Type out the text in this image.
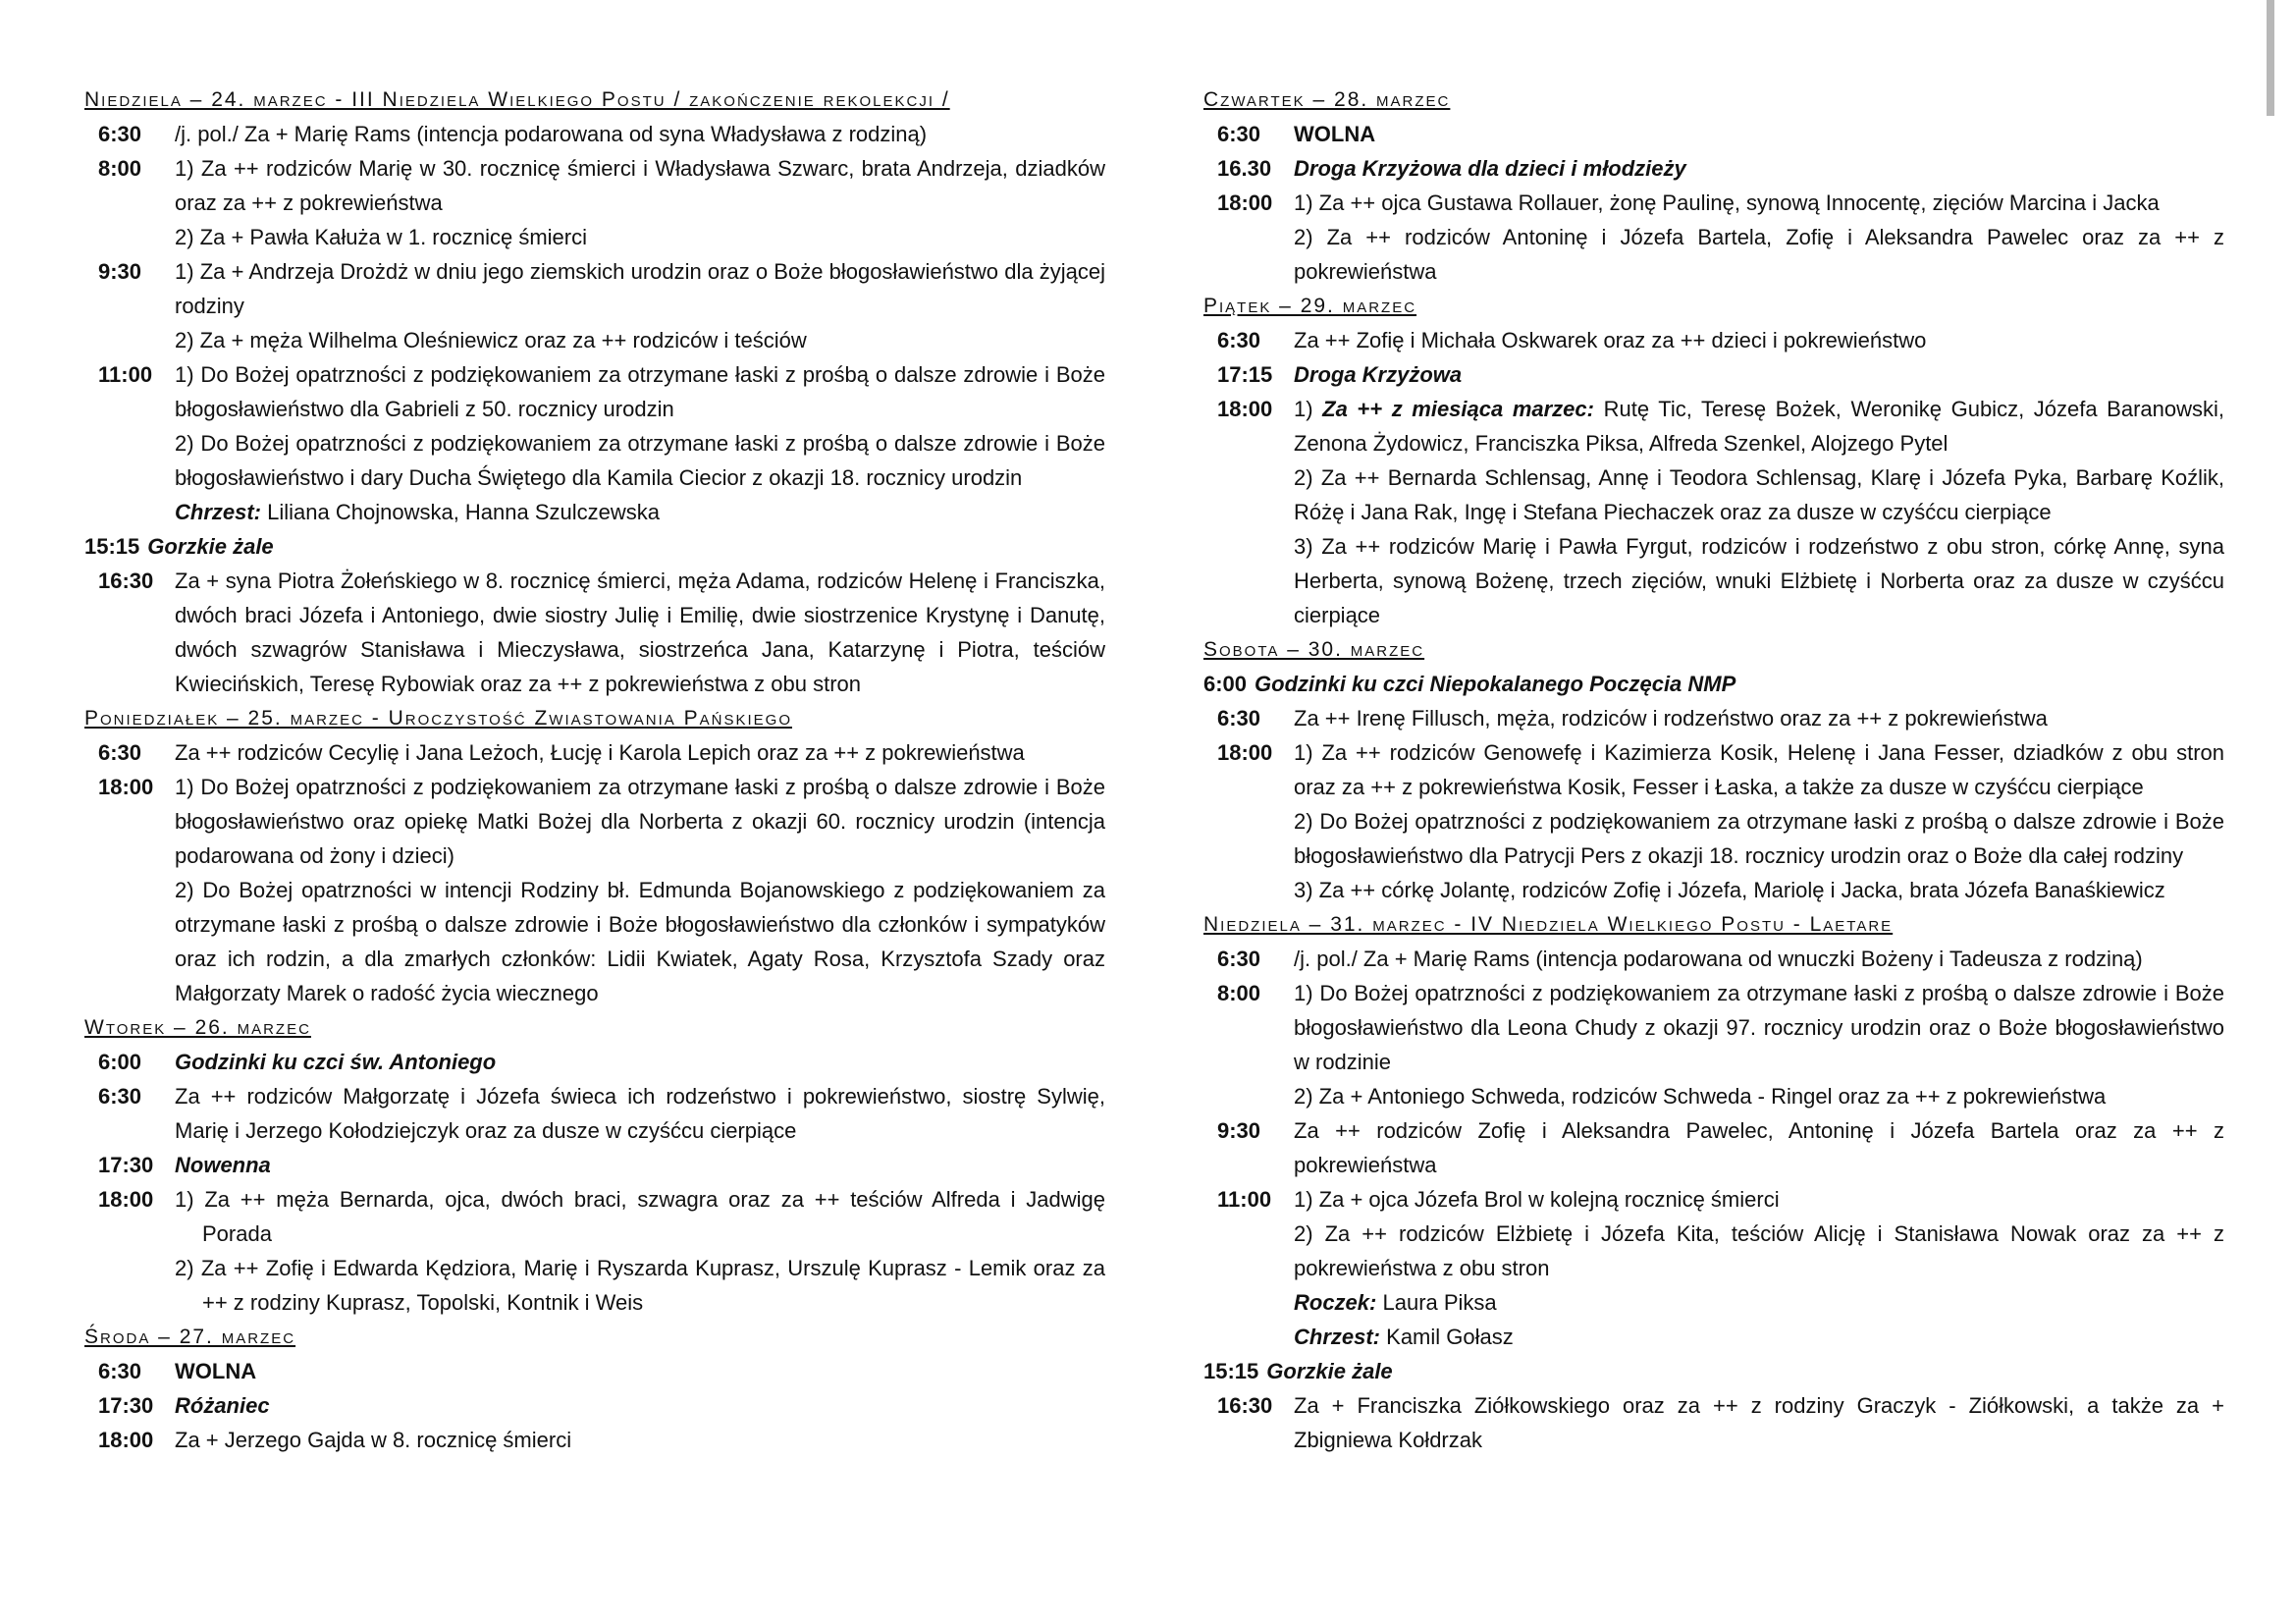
Niedziela – 24. marzec - III Niedziela Wielkiego Postu / zakończenie rekolekcji /
6:30	/j. pol./ Za + Marię Rams (intencja podarowana od syna Władysława z rodziną)
8:00	1) Za ++ rodziców Marię w 30. rocznicę śmierci i Władysława Szwarc, brata Andrzeja, dziadków oraz za ++ z pokrewieństwa
2) Za + Pawła Kałuża w 1. rocznicę śmierci
9:30	1) Za + Andrzeja Drożdż w dniu jego ziemskich urodzin oraz o Boże błogosławieństwo dla żyjącej rodziny
2) Za + męża Wilhelma Oleśniewicz oraz za ++ rodziców i teściów
11:00	1) Do Bożej opatrzności z podziękowaniem za otrzymane łaski z prośbą o dalsze zdrowie i Boże błogosławieństwo dla Gabrieli z 50. rocznicy urodzin
2) Do Bożej opatrzności z podziękowaniem za otrzymane łaski z prośbą o dalsze zdrowie i Boże błogosławieństwo i dary Ducha Świętego dla Kamila Ciecior z okazji 18. rocznicy urodzin
Chrzest: Liliana Chojnowska, Hanna Szulczewska
15:15 Gorzkie żale
16:30 Za + syna Piotra Żołeńskiego w 8. rocznicę śmierci, męża Adama, rodziców Helenę i Franciszka, dwóch braci Józefa i Antoniego, dwie siostry Julię i Emilię, dwie siostrzenice Krystynę i Danutę, dwóch szwagrów Stanisława i Mieczysława, siostrzeńca Jana, Katarzynę i Piotra, teściów Kwiecińskich, Teresę Rybowiak oraz za ++ z pokrewieństwa z obu stron
Poniedziałek – 25. marzec - Uroczystość Zwiastowania Pańskiego
6:30	Za ++ rodziców Cecylię i Jana Leżoch, Łucję i Karola Lepich oraz za ++ z pokrewieństwa
18:00 1) Do Bożej opatrzności z podziękowaniem za otrzymane łaski z prośbą o dalsze zdrowie i Boże błogosławieństwo oraz opiekę Matki Bożej dla Norberta z okazji 60. rocznicy urodzin (intencja podarowana od żony i dzieci)
2) Do Bożej opatrzności w intencji Rodziny bł. Edmunda Bojanowskiego z podziękowaniem za otrzymane łaski z prośbą o dalsze zdrowie i Boże błogosławieństwo dla członków i sympatyków oraz ich rodzin, a dla zmarłych członków: Lidii Kwiatek, Agaty Rosa, Krzysztofa Szady oraz Małgorzaty Marek o radość życia wiecznego
Wtorek – 26. marzec
6:00	Godzinki ku czci św. Antoniego
6:30	Za ++ rodziców Małgorzatę i Józefa świeca ich rodzeństwo i pokrewieństwo, siostrę Sylwię, Marię i Jerzego Kołodziejczyk oraz za dusze w czyśćcu cierpiące
17:30 Nowenna
18:00 1) Za ++ męża Bernarda, ojca, dwóch braci, szwagra oraz za ++ teściów Alfreda i Jadwigę Porada
2) Za ++ Zofię i Edwarda Kędziora, Marię i Ryszarda Kuprasz, Urszulę Kuprasz - Lemik oraz za ++ z rodziny Kuprasz, Topolski, Kontnik i Weis
Środa – 27. marzec
6:30	WOLNA
17:30 Różaniec
18:00 Za + Jerzego Gajda w 8. rocznicę śmierci
Czwartek – 28. marzec
6:30	WOLNA
16.30	Droga Krzyżowa dla dzieci i młodzieży
18:00 1) Za ++ ojca Gustawa Rollauer, żonę Paulinę, synową Innocentę, zięciów Marcina i Jacka
2) Za ++ rodziców Antoninę i Józefa Bartela, Zofię i Aleksandra Pawelec oraz za ++ z pokrewieństwa
Piątek – 29. marzec
6:30	Za ++ Zofię i Michała Oskwarek oraz za ++ dzieci i pokrewieństwo
17:15 Droga Krzyżowa
18:00 1) Za ++ z miesiąca marzec: Rutę Tic, Teresę Bożek, Weronikę Gubicz, Józefa Baranowski, Zenona Żydowicz, Franciszka Piksa, Alfreda Szenkel, Alojzego Pytel
2) Za ++ Bernarda Schlensag, Annę i Teodora Schlensag, Klarę i Józefa Pyka, Barbarę Koźlik, Różę i Jana Rak, Ingę i Stefana Piechaczek oraz za dusze w czyśćcu cierpiące
3) Za ++ rodziców Marię i Pawła Fyrgut, rodziców i rodzeństwo z obu stron, córkę Annę, syna Herberta, synową Bożenę, trzech zięciów, wnuki Elżbietę i Norberta oraz za dusze w czyśćcu cierpiące
Sobota – 30. marzec
6:00 Godzinki ku czci Niepokalanego Poczęcia NMP
6:30	Za ++ Irenę Fillusch, męża, rodziców i rodzeństwo oraz za ++ z pokrewieństwa
18:00 1) Za ++ rodziców Genowefę i Kazimierza Kosik, Helenę i Jana Fesser, dziadków z obu stron oraz za ++ z pokrewieństwa Kosik, Fesser i Łaska, a także za dusze w czyśćcu cierpiące
2) Do Bożej opatrzności z podziękowaniem za otrzymane łaski z prośbą o dalsze zdrowie i Boże błogosławieństwo dla Patrycji Pers z okazji 18. rocznicy urodzin oraz o Boże dla całej rodziny
3) Za ++ córkę Jolantę, rodziców Zofię i Józefa, Mariolę i Jacka, brata Józefa Banaśkiewicz
Niedziela – 31. marzec - IV Niedziela Wielkiego Postu - Laetare
6:30	/j. pol./ Za + Marię Rams (intencja podarowana od wnuczki Bożeny i Tadeusza z rodziną)
8:00	1) Do Bożej opatrzności z podziękowaniem za otrzymane łaski z prośbą o dalsze zdrowie i Boże błogosławieństwo dla Leona Chudy z okazji 97. rocznicy urodzin oraz o Boże błogosławieństwo w rodzinie
2) Za + Antoniego Schweda, rodziców Schweda - Ringel oraz za ++ z pokrewieństwa
9:30	Za ++ rodziców Zofię i Aleksandra Pawelec, Antoninę i Józefa Bartela oraz za ++ z pokrewieństwa
11:00	1) Za + ojca Józefa Brol w kolejną rocznicę śmierci
2) Za ++ rodziców Elżbietę i Józefa Kita, teściów Alicję i Stanisława Nowak oraz za ++ z pokrewieństwa z obu stron
Roczek: Laura Piksa
Chrzest: Kamil Gołasz
15:15 Gorzkie żale
16:30 Za + Franciszka Ziółkowskiego oraz za ++ z rodziny Graczyk - Ziółkowski, a także za + Zbigniewa Kołdrzak
